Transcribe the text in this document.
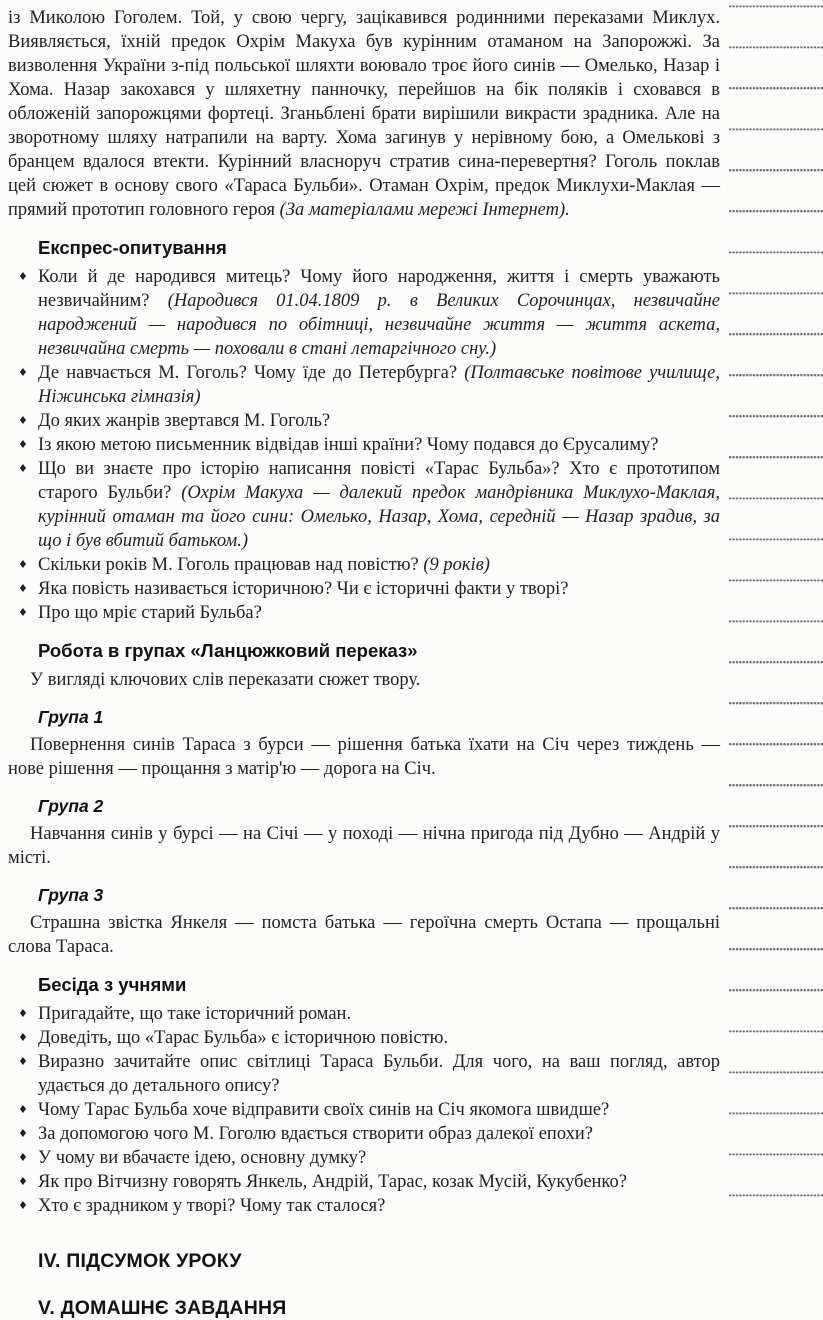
із Миколою Гоголем. Той, у свою чергу, зацікавився родинними переказами Миклух. Виявляється, їхній предок Охрім Макуха був курінним отаманом на Запорожжі. За визволення України з-під польської шляхти воювало троє його синів — Омелько, Назар і Хома. Назар закохався у шляхетну панночку, перейшов на бік поляків і сховався в обложеній запорожцями фортеці. Зганьблені брати вирішили викрасти зрадника. Але на зворотному шляху натрапили на варту. Хома загинув у нерівному бою, а Омелькові з бранцем вдалося втекти. Курінний власноруч стратив сина-перевертня? Гоголь поклав цей сюжет в основу свого «Тараса Бульби». Отаман Охрім, предок Миклухи-Маклая — прямий прототип головного героя (За матеріалами мережі Інтернет).

Експрес-опитування
♦ Коли й де народився митець? Чому його народження, життя і смерть уважають незвичайним? (Народився 01.04.1809 р. в Великих Сорочинцах, незвичайне народжений — народився по обітниці, незвичайне життя — життя аскета, незвичайна смерть — поховали в стані летаргічного сну.)
♦ Де навчається М. Гоголь? Чому їде до Петербурга? (Полтавське повітове училище, Ніжинська гімназія)
♦ До яких жанрів звертався М. Гоголь?
♦ Із якою метою письменник відвідав інші країни? Чому подався до Єрусалиму?
♦ Що ви знаєте про історію написання повісті «Тарас Бульба»? Хто є прототипом старого Бульби? (Охрім Макуха — далекий предок мандрівника Миклухо-Маклая, курінний отаман та його сини: Омелько, Назар, Хома, середній — Назар зрадив, за що і був вбитий батьком.)
♦ Скільки років М. Гоголь працював над повістю? (9 років)
♦ Яка повість називається історичною? Чи є історичні факти у творі?
♦ Про що мріє старий Бульба?
Робота в групах «Ланцюжковий переказ»

У вигляді ключових слів переказати сюжет твору.

Група 1

Повернення синів Тараса з бурси — рішення батька їхати на Січ через тиждень — нове рішення — прощання з матір'ю — дорога на Січ.

Група 2

Навчання синів у бурсі — на Січі — у поході — нічна пригода під Дубно — Андрій у місті.

Група 3

Страшна звістка Янкеля — помста батька — героїчна смерть Остапа — прощальні слова Тараса.

Бесіда з учнями
♦ Пригадайте, що таке історичний роман.
♦ Доведіть, що «Тарас Бульба» є історичною повістю.
♦ Виразно зачитайте опис світлиці Тараса Бульби. Для чого, на ваш погляд, автор удається до детального опису?
♦ Чому Тарас Бульба хоче відправити своїх синів на Січ якомога швидше?
♦ За допомогою чого М. Гоголю вдається створити образ далекої епохи?
♦ У чому ви вбачаєте ідею, основну думку?
♦ Як про Вітчизну говорять Янкель, Андрій, Тарас, козак Мусій, Кукубенко?
♦ Хто є зрадником у творі? Чому так сталося?
IV. ПІДСУМОК УРОКУ
V. ДОМАШНЄ ЗАВДАННЯ
